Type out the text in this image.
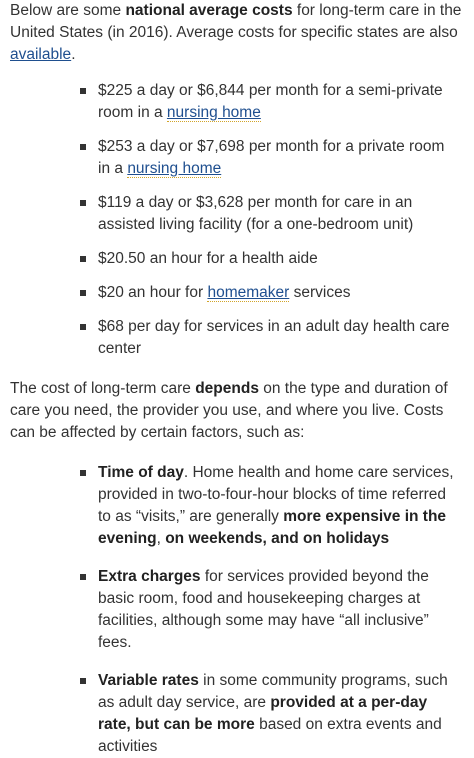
Below are some national average costs for long-term care in the United States (in 2016). Average costs for specific states are also available.

$225 a day or $6,844 per month for a semi-private room in a nursing home
$253 a day or $7,698 per month for a private room in a nursing home
$119 a day or $3,628 per month for care in an assisted living facility (for a one-bedroom unit)
$20.50 an hour for a health aide
$20 an hour for homemaker services
$68 per day for services in an adult day health care center

The cost of long-term care depends on the type and duration of care you need, the provider you use, and where you live. Costs can be affected by certain factors, such as:

Time of day. Home health and home care services, provided in two-to-four-hour blocks of time referred to as “visits,” are generally more expensive in the evening, on weekends, and on holidays
Extra charges for services provided beyond the basic room, food and housekeeping charges at facilities, although some may have “all inclusive” fees.
Variable rates in some community programs, such as adult day service, are provided at a per-day rate, but can be more based on extra events and activities
